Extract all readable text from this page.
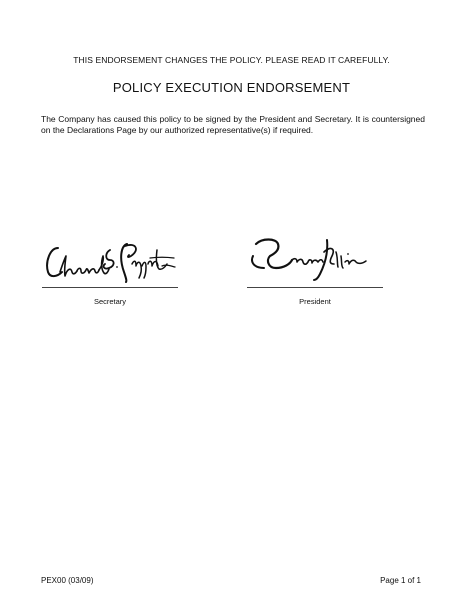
THIS ENDORSEMENT CHANGES THE POLICY. PLEASE READ IT CAREFULLY.
POLICY EXECUTION ENDORSEMENT
The Company has caused this policy to be signed by the President and Secretary. It is countersigned on the Declarations Page by our authorized representative(s) if required.
Secretary	President
PEX00 (03/09)	Page 1 of 1
